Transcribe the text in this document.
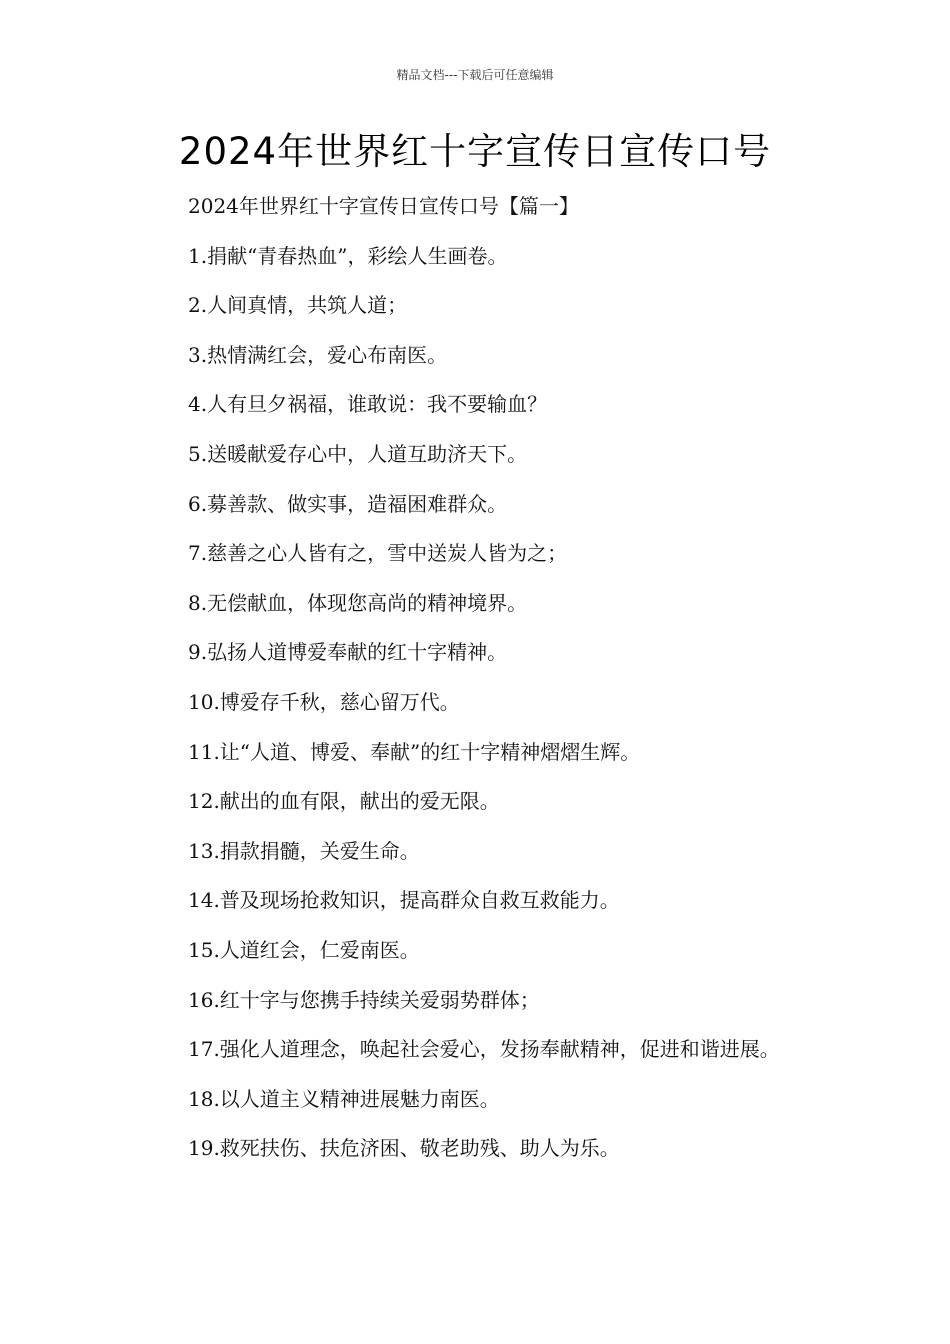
精品文档---下载后可任意编辑
2024年世界红十字宣传日宣传口号

2024年世界红十字宣传日宣传口号【篇一】

1.捐献“青春热血”，彩绘人生画卷。

2.人间真情，共筑人道；

3.热情满红会，爱心布南医。

4.人有旦夕祸福，谁敢说：我不要输血？

5.送暖献爱存心中，人道互助济天下。

6.募善款、做实事，造福困难群众。

7.慈善之心人皆有之，雪中送炭人皆为之；

8.无偿献血，体现您高尚的精神境界。

9.弘扬人道博爱奉献的红十字精神。

10.博爱存千秋，慈心留万代。

11.让“人道、博爱、奉献”的红十字精神熠熠生辉。

12.献出的血有限，献出的爱无限。

13.捐款捐髓，关爱生命。

14.普及现场抢救知识，提高群众自救互救能力。

15.人道红会，仁爱南医。

16.红十字与您携手持续关爱弱势群体；

17.强化人道理念，唤起社会爱心，发扬奉献精神，促进和谐进展。

18.以人道主义精神进展魅力南医。

19.救死扶伤、扶危济困、敬老助残、助人为乐。
